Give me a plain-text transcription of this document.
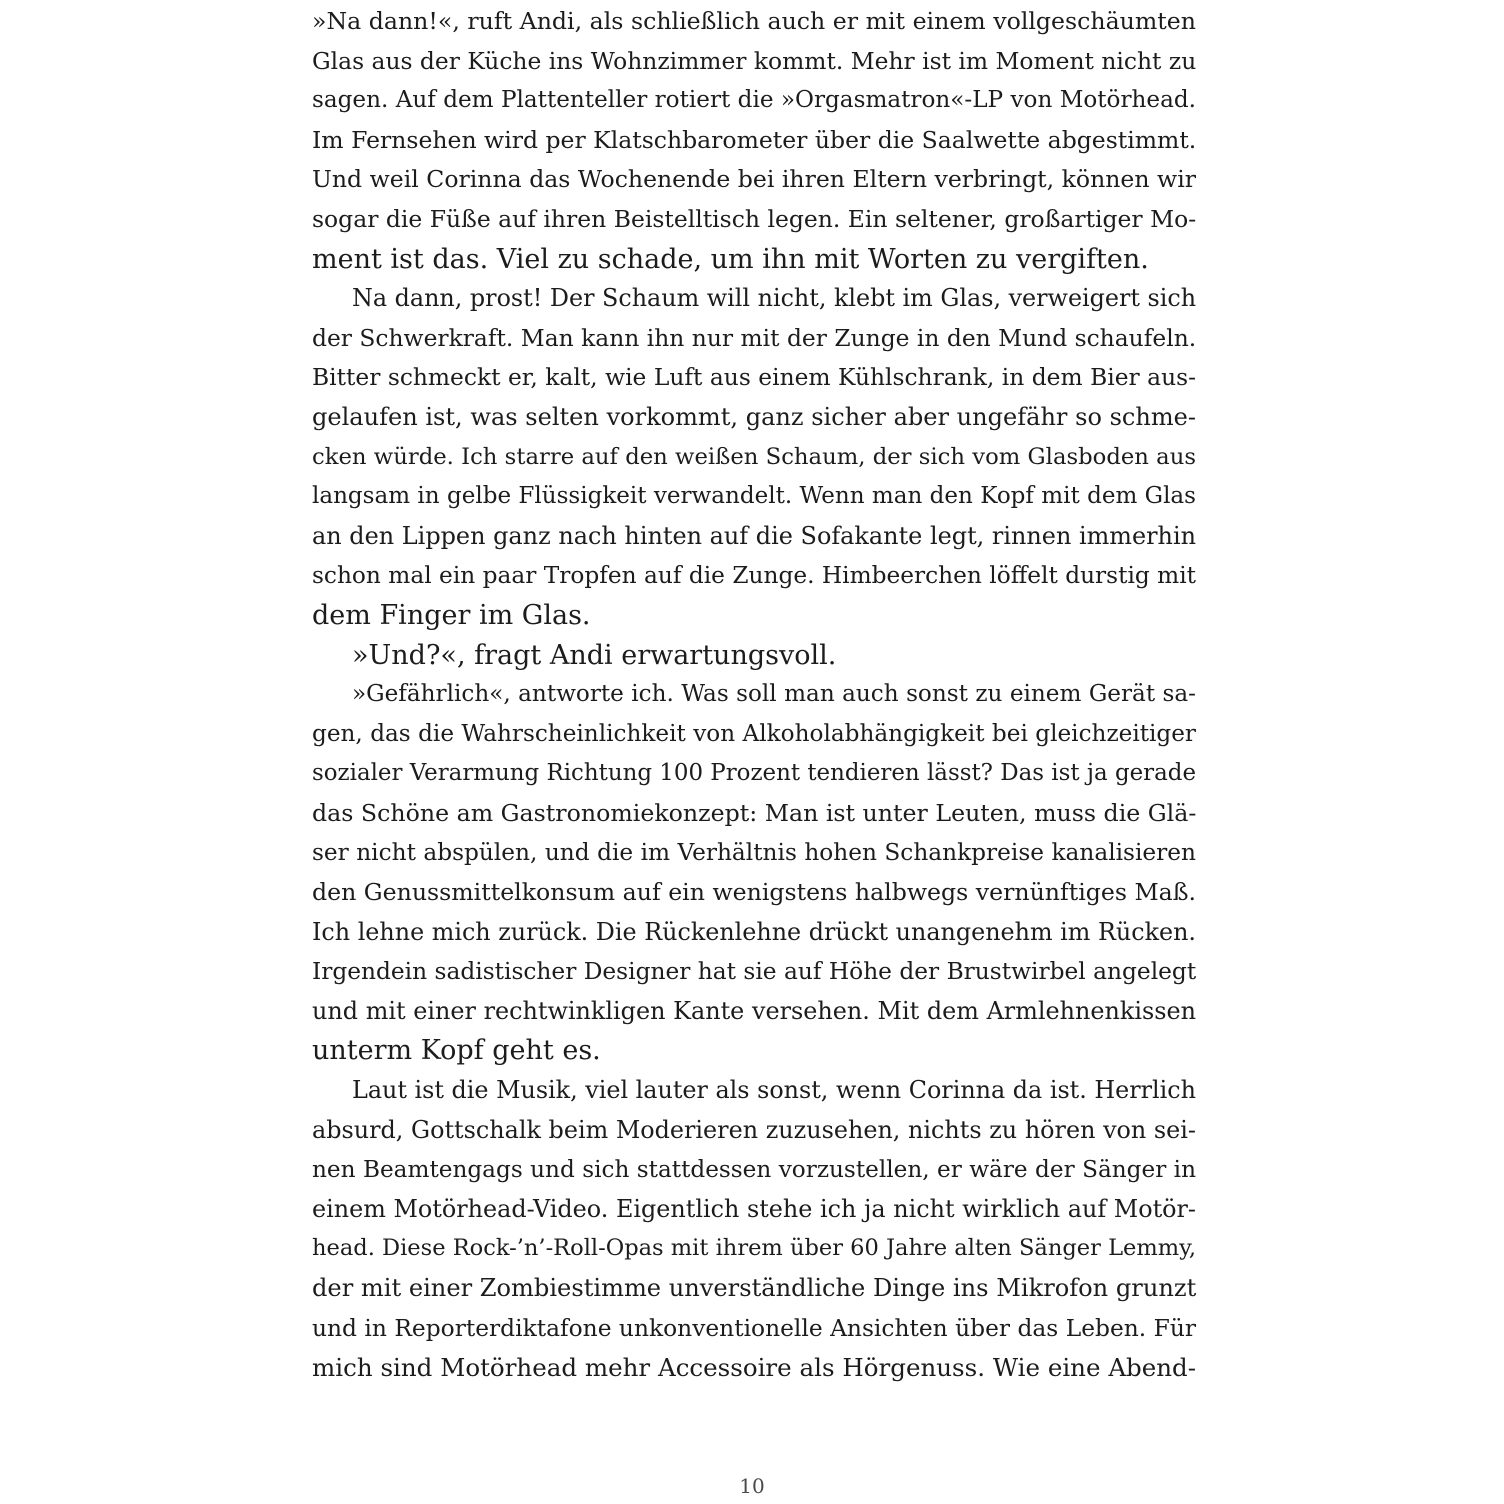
»Na dann!«, ruft Andi, als schließlich auch er mit einem vollgeschäumten
Glas aus der Küche ins Wohnzimmer kommt. Mehr ist im Moment nicht zu
sagen. Auf dem Plattenteller rotiert die »Orgasmatron«-LP von Motörhead.
Im Fernsehen wird per Klatschbarometer über die Saalwette abgestimmt.
Und weil Corinna das Wochenende bei ihren Eltern verbringt, können wir
sogar die Füße auf ihren Beistelltisch legen. Ein seltener, großartiger Mo-
ment ist das. Viel zu schade, um ihn mit Worten zu vergiften.
Na dann, prost! Der Schaum will nicht, klebt im Glas, verweigert sich
der Schwerkraft. Man kann ihn nur mit der Zunge in den Mund schaufeln.
Bitter schmeckt er, kalt, wie Luft aus einem Kühlschrank, in dem Bier aus-
gelaufen ist, was selten vorkommt, ganz sicher aber ungefähr so schme-
cken würde. Ich starre auf den weißen Schaum, der sich vom Glasboden aus
langsam in gelbe Flüssigkeit verwandelt. Wenn man den Kopf mit dem Glas
an den Lippen ganz nach hinten auf die Sofakante legt, rinnen immerhin
schon mal ein paar Tropfen auf die Zunge. Himbeerchen löffelt durstig mit
dem Finger im Glas.
»Und?«, fragt Andi erwartungsvoll.
»Gefährlich«, antworte ich. Was soll man auch sonst zu einem Gerät sa-
gen, das die Wahrscheinlichkeit von Alkoholabhängigkeit bei gleichzeitiger
sozialer Verarmung Richtung 100 Prozent tendieren lässt? Das ist ja gerade
das Schöne am Gastronomiekonzept: Man ist unter Leuten, muss die Glä-
ser nicht abspülen, und die im Verhältnis hohen Schankpreise kanalisieren
den Genussmittelkonsum auf ein wenigstens halbwegs vernünftiges Maß.
Ich lehne mich zurück. Die Rückenlehne drückt unangenehm im Rücken.
Irgendein sadistischer Designer hat sie auf Höhe der Brustwirbel angelegt
und mit einer rechtwinkligen Kante versehen. Mit dem Armlehnenkissen
unterm Kopf geht es.
Laut ist die Musik, viel lauter als sonst, wenn Corinna da ist. Herrlich
absurd, Gottschalk beim Moderieren zuzusehen, nichts zu hören von sei-
nen Beamtengags und sich stattdessen vorzustellen, er wäre der Sänger in
einem Motörhead-Video. Eigentlich stehe ich ja nicht wirklich auf Motör-
head. Diese Rock-’n’-Roll-Opas mit ihrem über 60 Jahre alten Sänger Lemmy,
der mit einer Zombiestimme unverständliche Dinge ins Mikrofon grunzt
und in Reporterdiktafone unkonventionelle Ansichten über das Leben. Für
mich sind Motörhead mehr Accessoire als Hörgenuss. Wie eine Abend-
10
